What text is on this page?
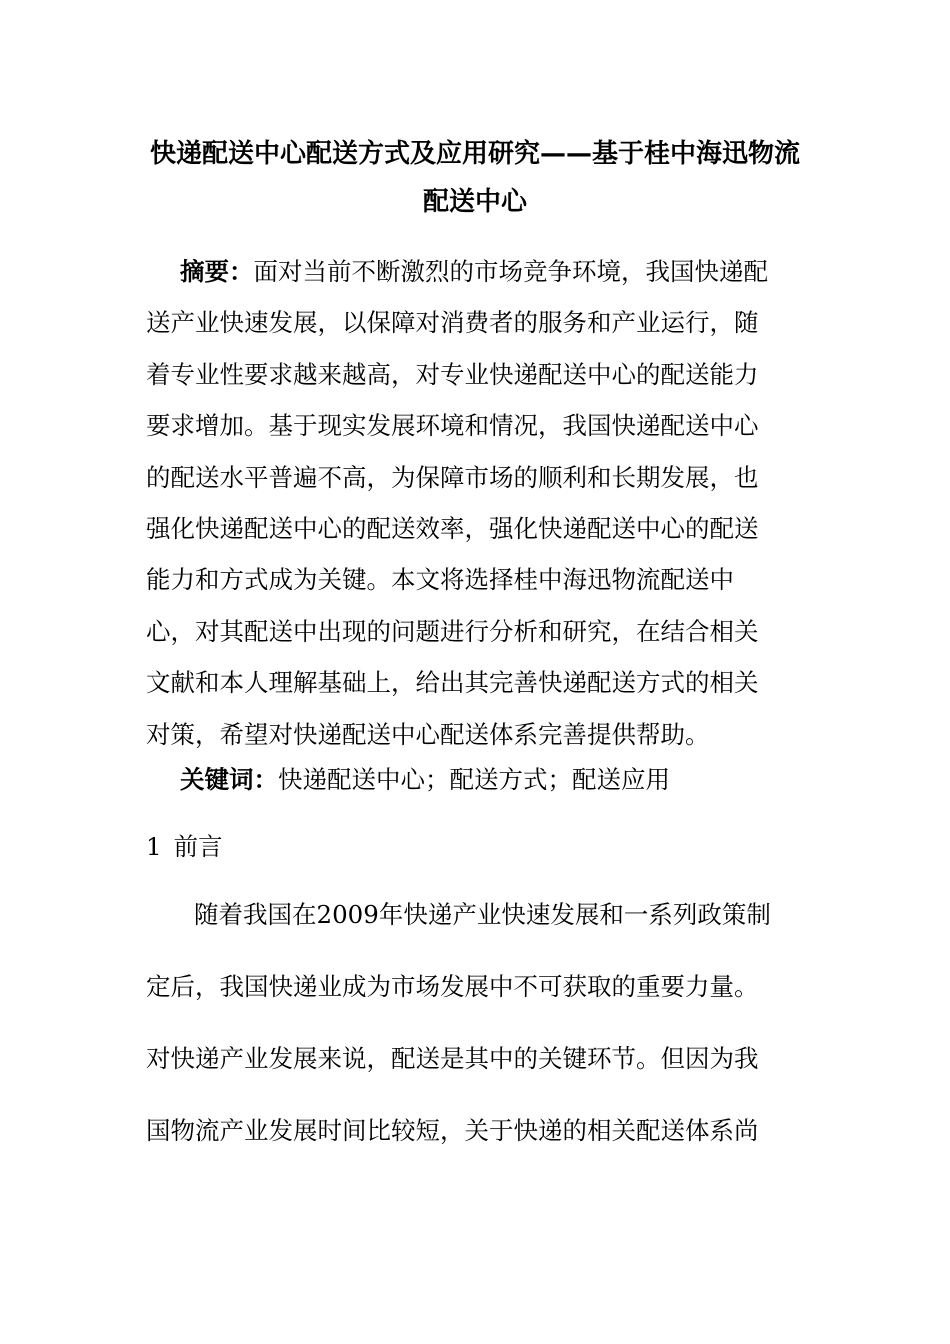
快递配送中心配送方式及应用研究——基于桂中海迅物流
配送中心
摘要：面对当前不断激烈的市场竞争环境，我国快递配
送产业快速发展，以保障对消费者的服务和产业运行，随
着专业性要求越来越高，对专业快递配送中心的配送能力
要求增加。基于现实发展环境和情况，我国快递配送中心
的配送水平普遍不高，为保障市场的顺利和长期发展，也
强化快递配送中心的配送效率，强化快递配送中心的配送
能力和方式成为关键。本文将选择桂中海迅物流配送中
心，对其配送中出现的问题进行分析和研究，在结合相关
文献和本人理解基础上，给出其完善快递配送方式的相关
对策，希望对快递配送中心配送体系完善提供帮助。
关键词：快递配送中心；配送方式；配送应用
1 前言
随着我国在2009年快递产业快速发展和一系列政策制
定后，我国快递业成为市场发展中不可获取的重要力量。
对快递产业发展来说，配送是其中的关键环节。但因为我
国物流产业发展时间比较短，关于快递的相关配送体系尚
